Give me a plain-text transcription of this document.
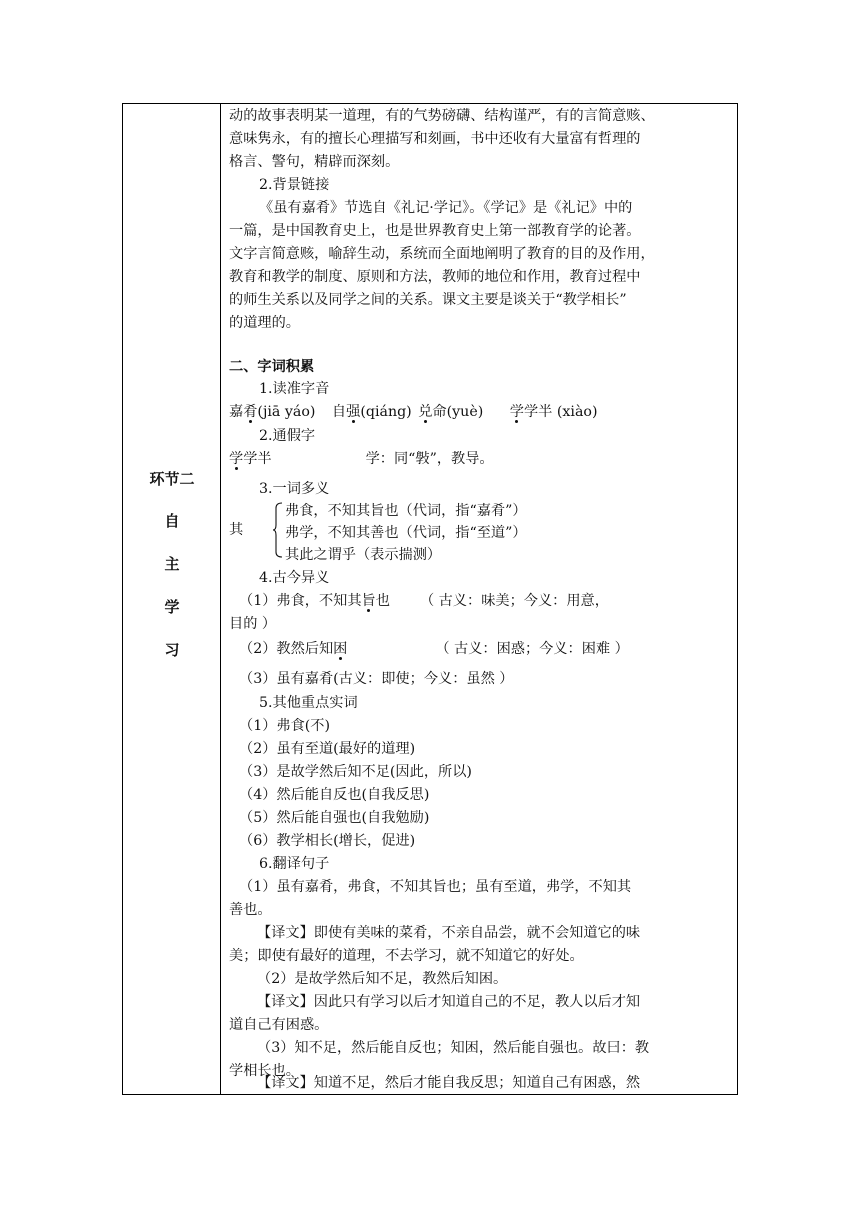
环节二
自
主
学
习
动的故事表明某一道理，有的气势磅礴、结构谨严，有的言简意赅、
意味隽永，有的擅长心理描写和刻画，书中还收有大量富有哲理的
格言、警句，精辟而深刻。
2.背景链接
《虽有嘉肴》节选自《礼记·学记》。《学记》是《礼记》中的
一篇，是中国教育史上，也是世界教育史上第一部教育学的论著。
文字言简意赅，喻辞生动，系统而全面地阐明了教育的目的及作用，
教育和教学的制度、原则和方法，教师的地位和作用，教育过程中
的师生关系以及同学之间的关系。课文主要是谈关于“教学相长”
的道理的。
二、字词积累
1.读准字音
嘉肴(jiā yáo) 自强(qiáng) 兑命(yuè) 学学半 (xiào)
2.通假字
学学半	学：同“斅”，教导。
3.一词多义
其
弗食，不知其旨也（代词，指“嘉肴”）
弗学，不知其善也（代词，指“至道”）
其此之谓乎（表示揣测）
4.古今异义
（1）弗食，不知其旨也 （ 古义：味美；今义：用意，
目的 ）
（2）教然后知困	（ 古义：困惑；今义：困难 ）
（3）虽有嘉肴(古义：即使；今义：虽然 ）
5.其他重点实词
（1）弗食(不)
（2）虽有至道(最好的道理)
（3）是故学然后知不足(因此，所以)
（4）然后能自反也(自我反思)
（5）然后能自强也(自我勉励)
（6）教学相长(增长，促进)
6.翻译句子
（1）虽有嘉肴，弗食，不知其旨也；虽有至道，弗学，不知其
善也。
【译文】即使有美味的菜肴，不亲自品尝，就不会知道它的味
美；即使有最好的道理，不去学习，就不知道它的好处。
（2）是故学然后知不足，教然后知困。
【译文】因此只有学习以后才知道自己的不足，教人以后才知
道自己有困惑。
（3）知不足，然后能自反也；知困，然后能自强也。故曰：教
学相长也。
【译文】知道不足，然后才能自我反思；知道自己有困惑，然
